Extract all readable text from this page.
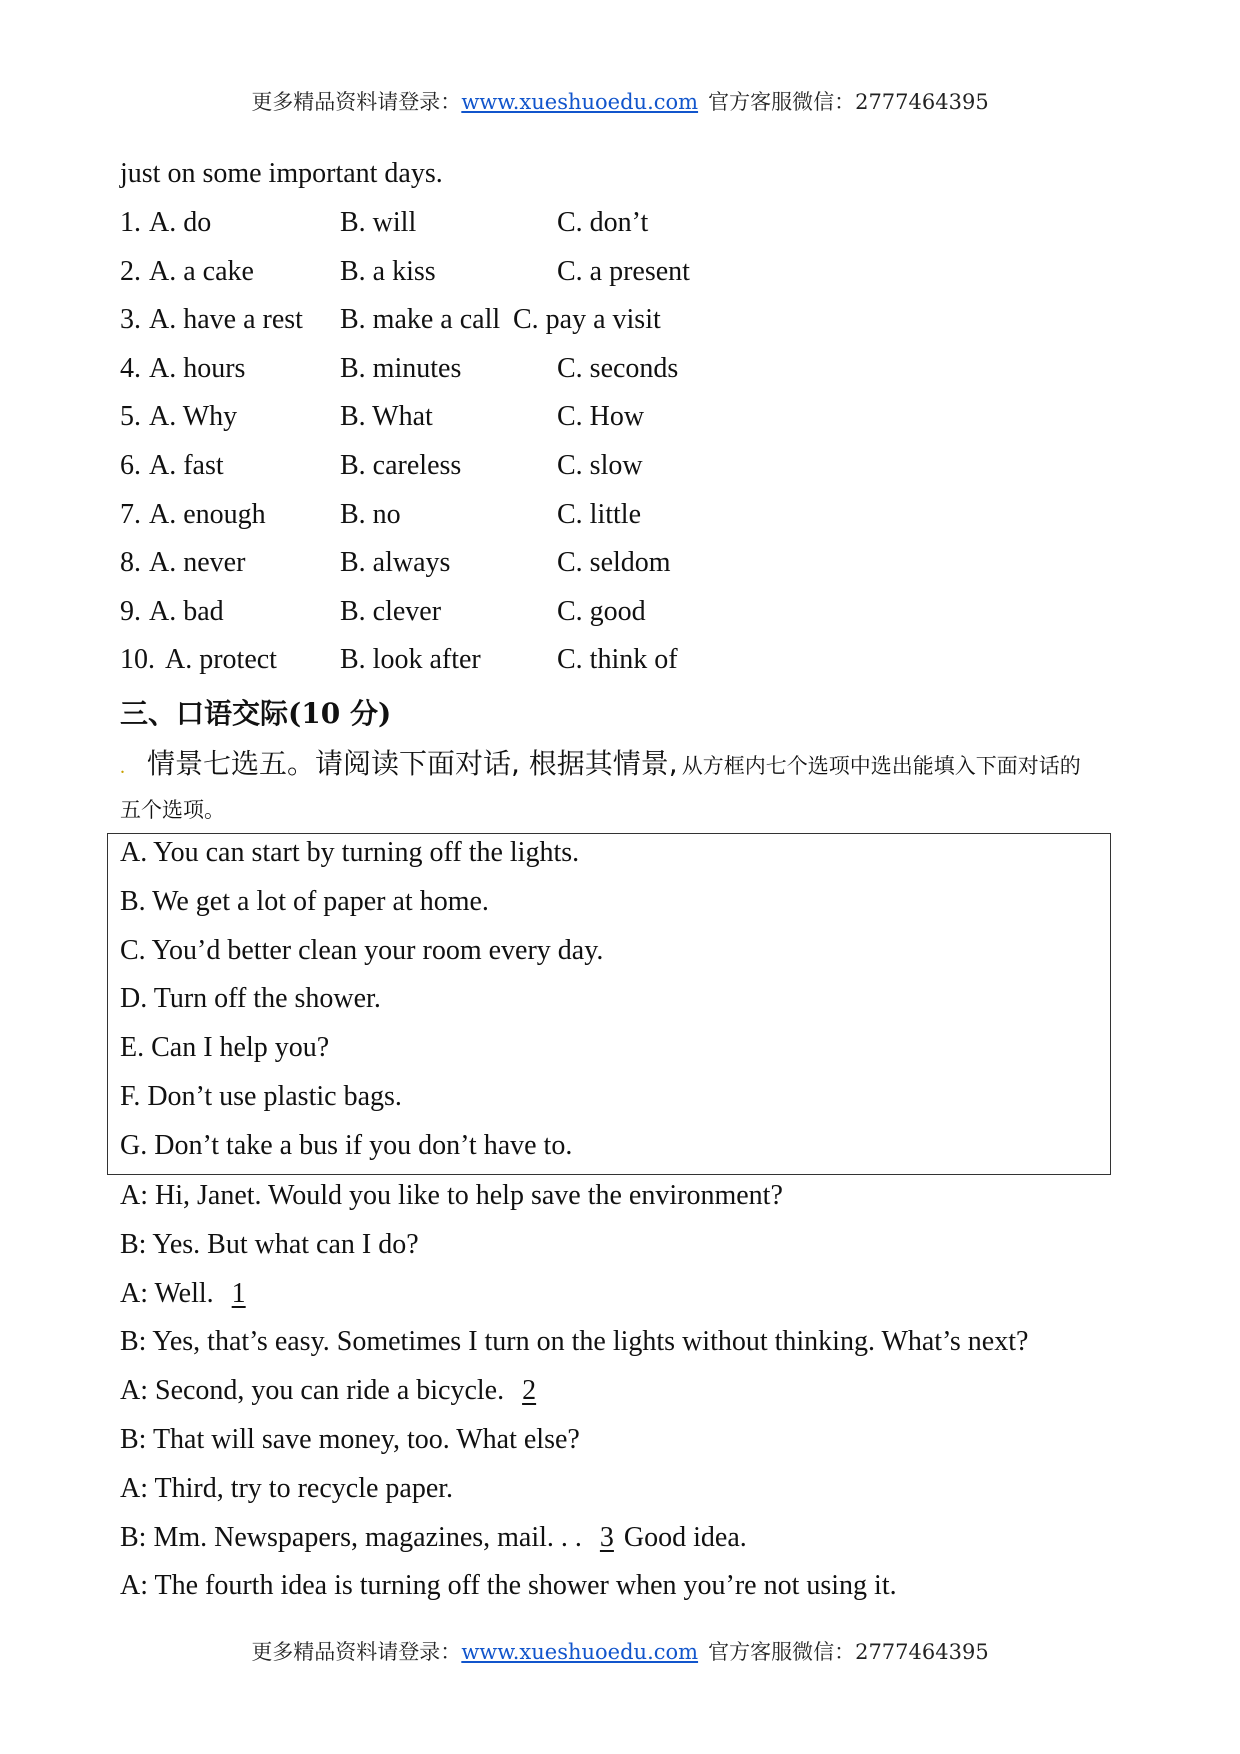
更多精品资料请登录：www.xueshuoedu.com 官方客服微信：2777464395
just on some important days.
1. A. do	B. will	C. don’t
2. A. a cake	B. a kiss	C. a present
3. A. have a rest B. make a call C. pay a visit
4. A. hours	B. minutes	C. seconds
5. A. Why	B. What	C. How
6. A. fast	B. careless	C. slow
7. A. enough	B. no	C. little
8. A. never	B. always	C. seldom
9. A. bad	B. clever	C. good
10. A. protect B. look after	C. think of
三、口语交际(10 分)
. 情景七选五。请阅读下面对话, 根据其情景, 从方框内七个选项中选出能填入下面对话的
五个选项。
A. You can start by turning off the lights.
B. We get a lot of paper at home.
C. You’d better clean your room every day.
D. Turn off the shower.
E. Can I help you?
F. Don’t use plastic bags.
G. Don’t take a bus if you don’t have to.
A: Hi, Janet. Would you like to help save the environment?
B: Yes. But what can I do?
A: Well. 1
B: Yes, that’s easy. Sometimes I turn on the lights without thinking. What’s next?
A: Second, you can ride a bicycle. 2
B: That will save money, too. What else?
A: Third, try to recycle paper.
B: Mm. Newspapers, magazines, mail. . . 3 Good idea.
A: The fourth idea is turning off the shower when you’re not using it.
更多精品资料请登录：www.xueshuoedu.com 官方客服微信：2777464395
